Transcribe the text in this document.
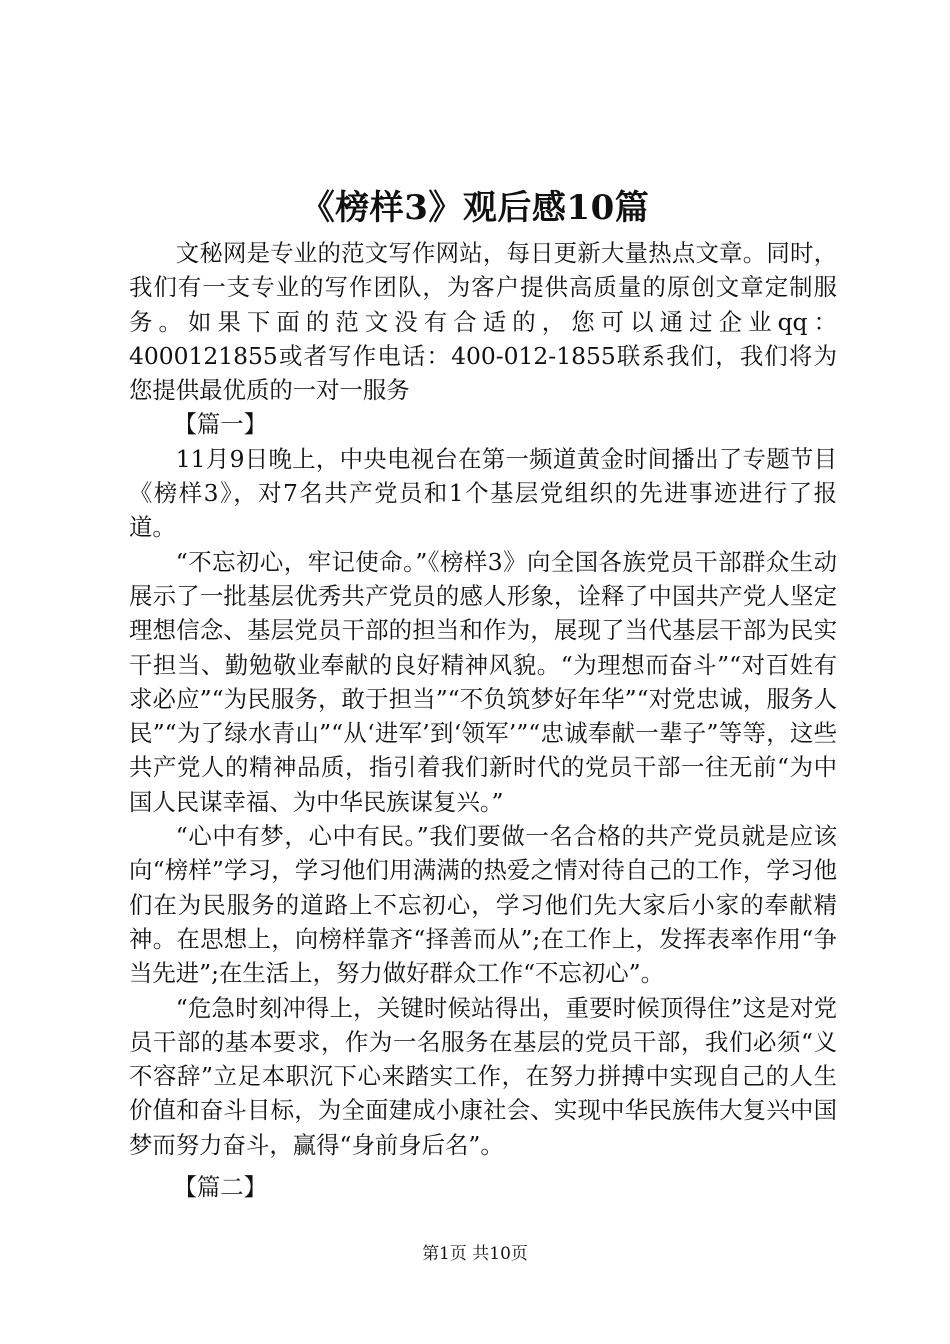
《榜样3》观后感10篇

文秘网是专业的范文写作网站，每日更新大量热点文章。同时，我们有一支专业的写作团队，为客户提供高质量的原创文章定制服务。如果下面的范文没有合适的，您可以通过企业qq：4000121855或者写作电话：400-012-1855联系我们，我们将为您提供最优质的一对一服务

【篇一】

11月9日晚上，中央电视台在第一频道黄金时间播出了专题节目《榜样3》，对7名共产党员和1个基层党组织的先进事迹进行了报道。

“不忘初心，牢记使命。”《榜样3》向全国各族党员干部群众生动展示了一批基层优秀共产党员的感人形象，诠释了中国共产党人坚定理想信念、基层党员干部的担当和作为，展现了当代基层干部为民实干担当、勤勉敬业奉献的良好精神风貌。“为理想而奋斗”“对百姓有求必应”“为民服务，敢于担当”“不负筑梦好年华”“对党忠诚，服务人民”“为了绿水青山”“从‘进军’到‘领军’”“忠诚奉献一辈子”等等，这些共产党人的精神品质，指引着我们新时代的党员干部一往无前“为中国人民谋幸福、为中华民族谋复兴。”

“心中有梦，心中有民。”我们要做一名合格的共产党员就是应该向“榜样”学习，学习他们用满满的热爱之情对待自己的工作，学习他们在为民服务的道路上不忘初心，学习他们先大家后小家的奉献精神。在思想上，向榜样靠齐“择善而从”;在工作上，发挥表率作用“争当先进”;在生活上，努力做好群众工作“不忘初心”。

“危急时刻冲得上，关键时候站得出，重要时候顶得住”这是对党员干部的基本要求，作为一名服务在基层的党员干部，我们必须“义不容辞”立足本职沉下心来踏实工作，在努力拼搏中实现自己的人生价值和奋斗目标，为全面建成小康社会、实现中华民族伟大复兴中国梦而努力奋斗，赢得“身前身后名”。

【篇二】

第1页 共10页
